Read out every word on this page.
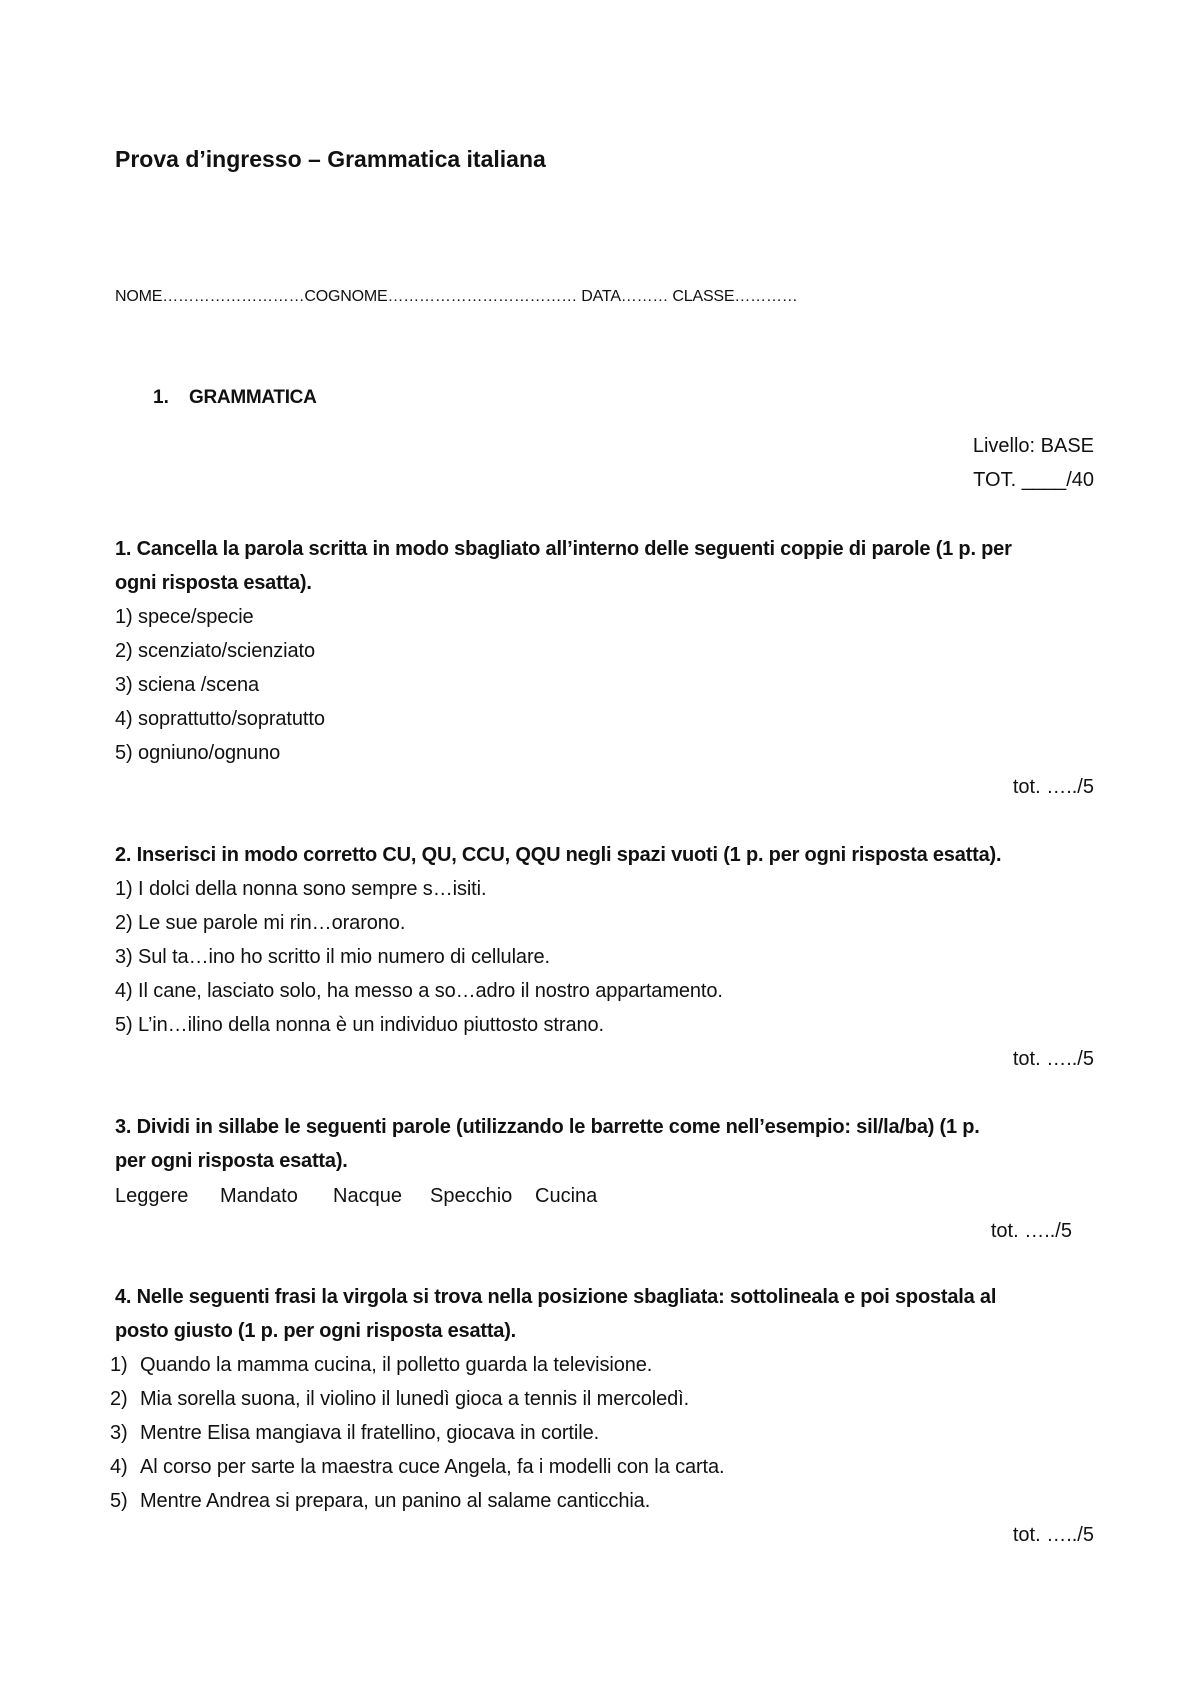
Prova d’ingresso – Grammatica italiana
NOME………………………COGNOME……………………………… DATA……… CLASSE…………
1. GRAMMATICA
Livello: BASE
TOT. ____/40
1. Cancella la parola scritta in modo sbagliato all’interno delle seguenti coppie di parole (1 p. per
ogni risposta esatta).
1) spece/specie
2) scenziato/scienziato
3) sciena /scena
4) soprattutto/sopratutto
5) ogniuno/ognuno
tot. …../5
2. Inserisci in modo corretto CU, QU, CCU, QQU negli spazi vuoti (1 p. per ogni risposta esatta).
1) I dolci della nonna sono sempre s…isiti.
2) Le sue parole mi rin…orarono.
3) Sul ta…ino ho scritto il mio numero di cellulare.
4) Il cane, lasciato solo, ha messo a so…adro il nostro appartamento.
5) L’in…ilino della nonna è un individuo piuttosto strano.
tot. …../5
3. Dividi in sillabe le seguenti parole (utilizzando le barrette come nell’esempio: sil/la/ba) (1 p.
per ogni risposta esatta).
Leggere Mandato Nacque Specchio Cucina
tot. …../5
4. Nelle seguenti frasi la virgola si trova nella posizione sbagliata: sottolineala e poi spostala al
posto giusto (1 p. per ogni risposta esatta).
1) Quando la mamma cucina, il polletto guarda la televisione.
2) Mia sorella suona, il violino il lunedì gioca a tennis il mercoledì.
3) Mentre Elisa mangiava il fratellino, giocava in cortile.
4) Al corso per sarte la maestra cuce Angela, fa i modelli con la carta.
5) Mentre Andrea si prepara, un panino al salame canticchia.
tot. …../5
